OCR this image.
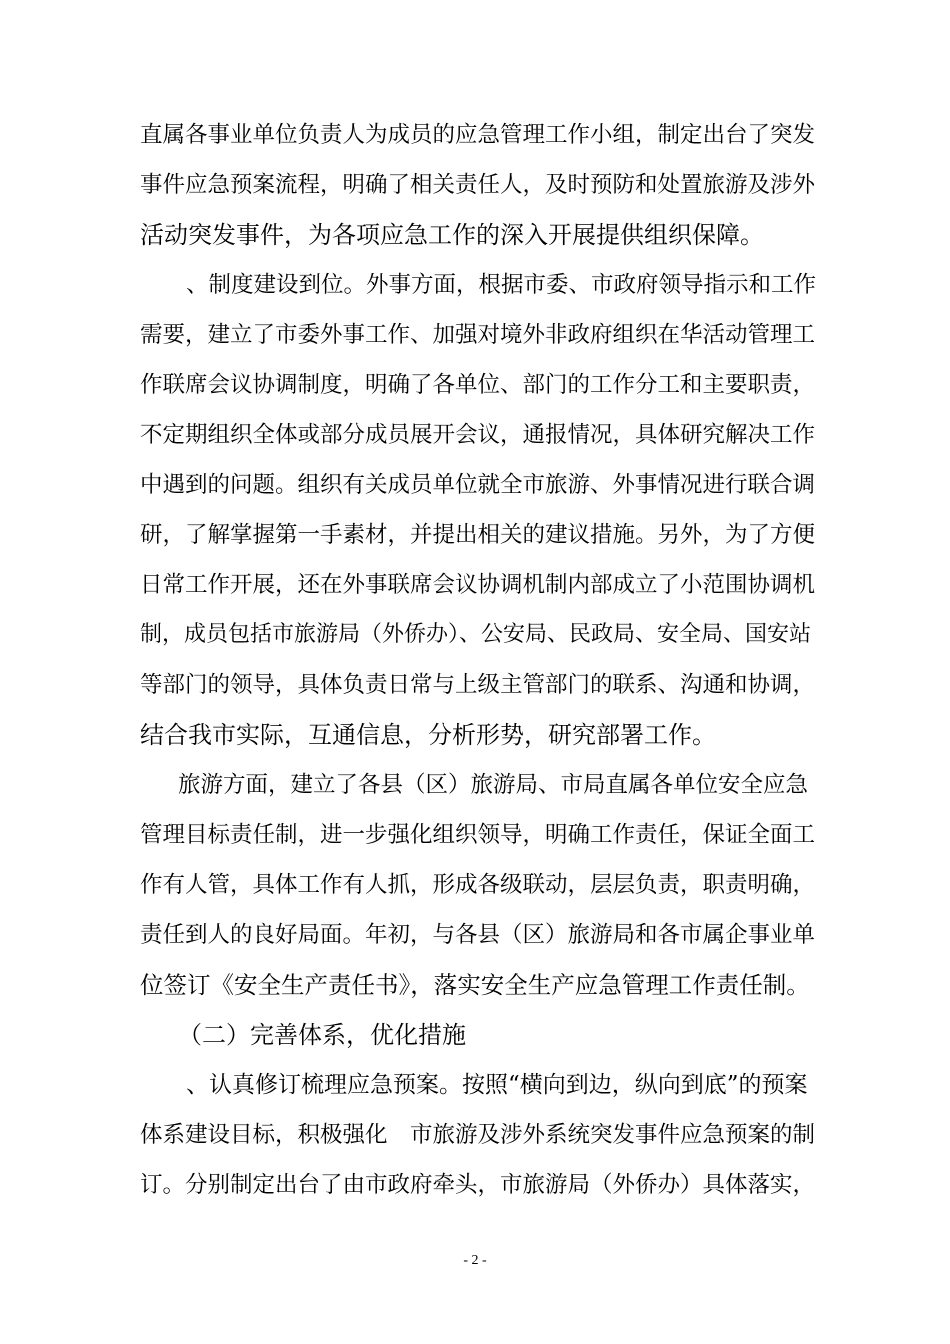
直属各事业单位负责人为成员的应急管理工作小组，制定出台了突发
事件应急预案流程，明确了相关责任人，及时预防和处置旅游及涉外
活动突发事件，为各项应急工作的深入开展提供组织保障。
、制度建设到位。外事方面，根据市委、市政府领导指示和工作
需要，建立了市委外事工作、加强对境外非政府组织在华活动管理工
作联席会议协调制度，明确了各单位、部门的工作分工和主要职责，
不定期组织全体或部分成员展开会议，通报情况，具体研究解决工作
中遇到的问题。组织有关成员单位就全市旅游、外事情况进行联合调
研，了解掌握第一手素材，并提出相关的建议措施。另外，为了方便
日常工作开展，还在外事联席会议协调机制内部成立了小范围协调机
制，成员包括市旅游局（外侨办）、公安局、民政局、安全局、国安站
等部门的领导，具体负责日常与上级主管部门的联系、沟通和协调，
结合我市实际，互通信息，分析形势，研究部署工作。
旅游方面，建立了各县（区）旅游局、市局直属各单位安全应急
管理目标责任制，进一步强化组织领导，明确工作责任，保证全面工
作有人管，具体工作有人抓，形成各级联动，层层负责，职责明确，
责任到人的良好局面。年初，与各县（区）旅游局和各市属企事业单
位签订《安全生产责任书》，落实安全生产应急管理工作责任制。
（二）完善体系，优化措施
、认真修订梳理应急预案。按照“横向到边，纵向到底”的预案
体系建设目标，积极强化　市旅游及涉外系统突发事件应急预案的制
订。分别制定出台了由市政府牵头，市旅游局（外侨办）具体落实，
- 2 -
